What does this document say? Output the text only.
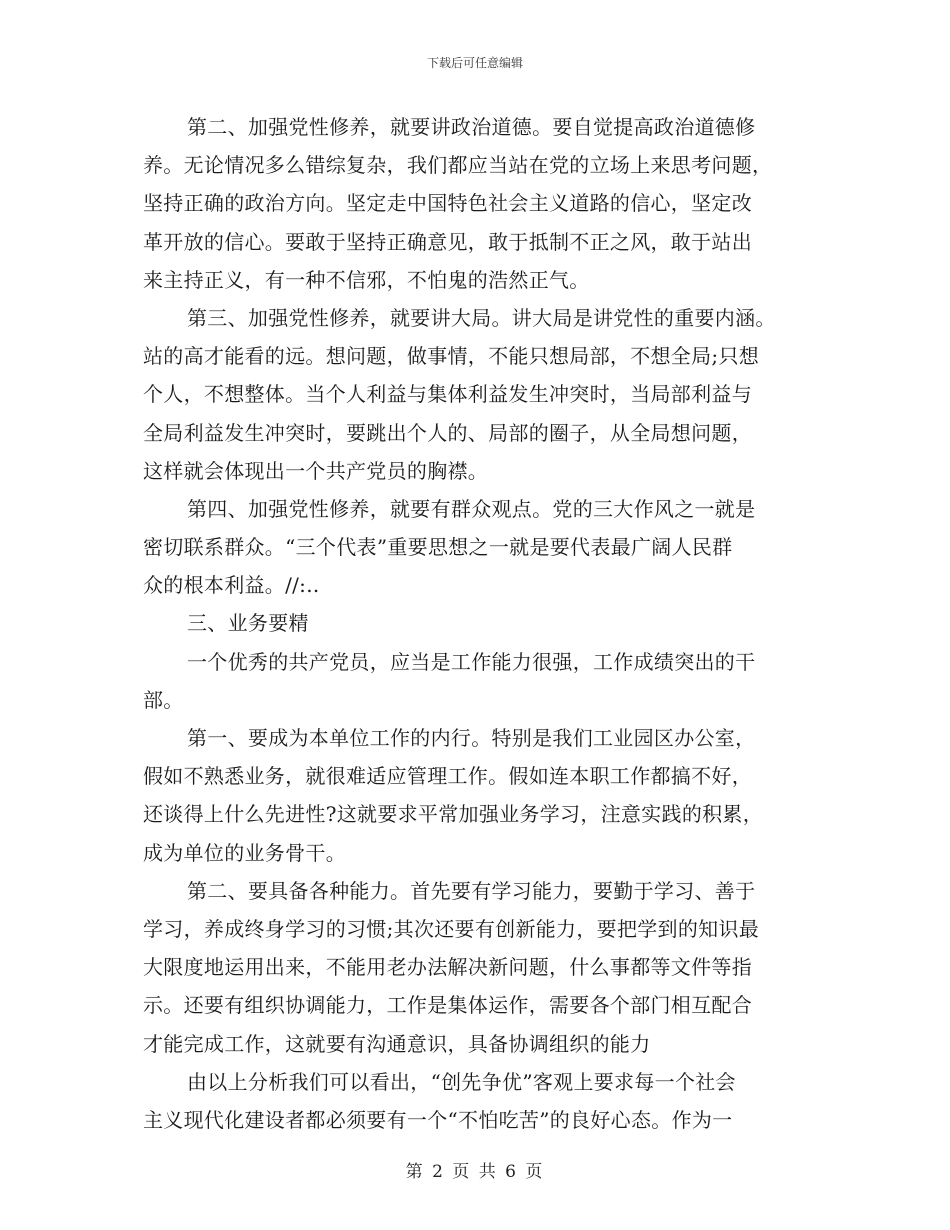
下载后可任意编辑
第二、加强党性修养，就要讲政治道德。要自觉提高政治道德修
养。无论情况多么错综复杂，我们都应当站在党的立场上来思考问题，
坚持正确的政治方向。坚定走中国特色社会主义道路的信心，坚定改
革开放的信心。要敢于坚持正确意见，敢于抵制不正之风，敢于站出
来主持正义，有一种不信邪，不怕鬼的浩然正气。
第三、加强党性修养，就要讲大局。讲大局是讲党性的重要内涵。
站的高才能看的远。想问题，做事情，不能只想局部，不想全局;只想
个人，不想整体。当个人利益与集体利益发生冲突时，当局部利益与
全局利益发生冲突时，要跳出个人的、局部的圈子，从全局想问题，
这样就会体现出一个共产党员的胸襟。
第四、加强党性修养，就要有群众观点。党的三大作风之一就是
密切联系群众。“三个代表”重要思想之一就是要代表最广阔人民群
众的根本利益。//:..
三、业务要精
一个优秀的共产党员，应当是工作能力很强，工作成绩突出的干
部。
第一、要成为本单位工作的内行。特别是我们工业园区办公室，
假如不熟悉业务，就很难适应管理工作。假如连本职工作都搞不好，
还谈得上什么先进性?这就要求平常加强业务学习，注意实践的积累，
成为单位的业务骨干。
第二、要具备各种能力。首先要有学习能力，要勤于学习、善于
学习，养成终身学习的习惯;其次还要有创新能力，要把学到的知识最
大限度地运用出来，不能用老办法解决新问题，什么事都等文件等指
示。还要有组织协调能力，工作是集体运作，需要各个部门相互配合
才能完成工作，这就要有沟通意识，具备协调组织的能力
由以上分析我们可以看出，“创先争优”客观上要求每一个社会
主义现代化建设者都必须要有一个“不怕吃苦”的良好心态。作为一
第 2 页 共 6 页
